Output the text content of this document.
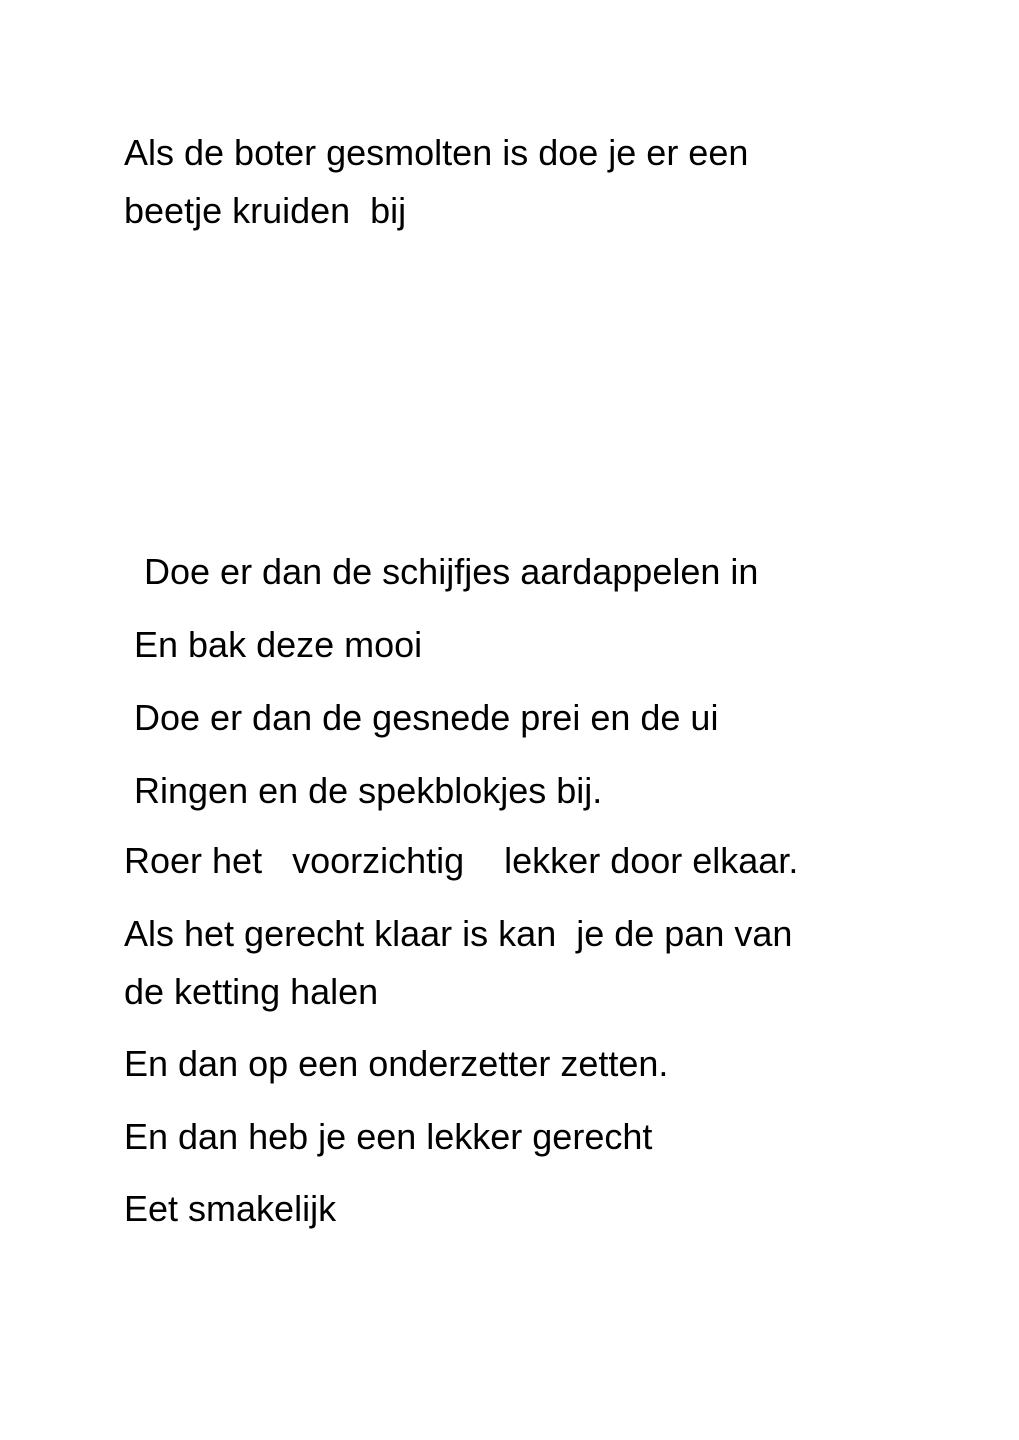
Als de boter gesmolten is doe je er een

beetje kruiden  bij

Doe er dan de schijfjes aardappelen in

En bak deze mooi

Doe er dan de gesnede prei en de ui

Ringen en de spekblokjes bij.

Roer het   voorzichtig    lekker door elkaar.

Als het gerecht klaar is kan  je de pan van

de ketting halen

En dan op een onderzetter zetten.

En dan heb je een lekker gerecht

Eet smakelijk
